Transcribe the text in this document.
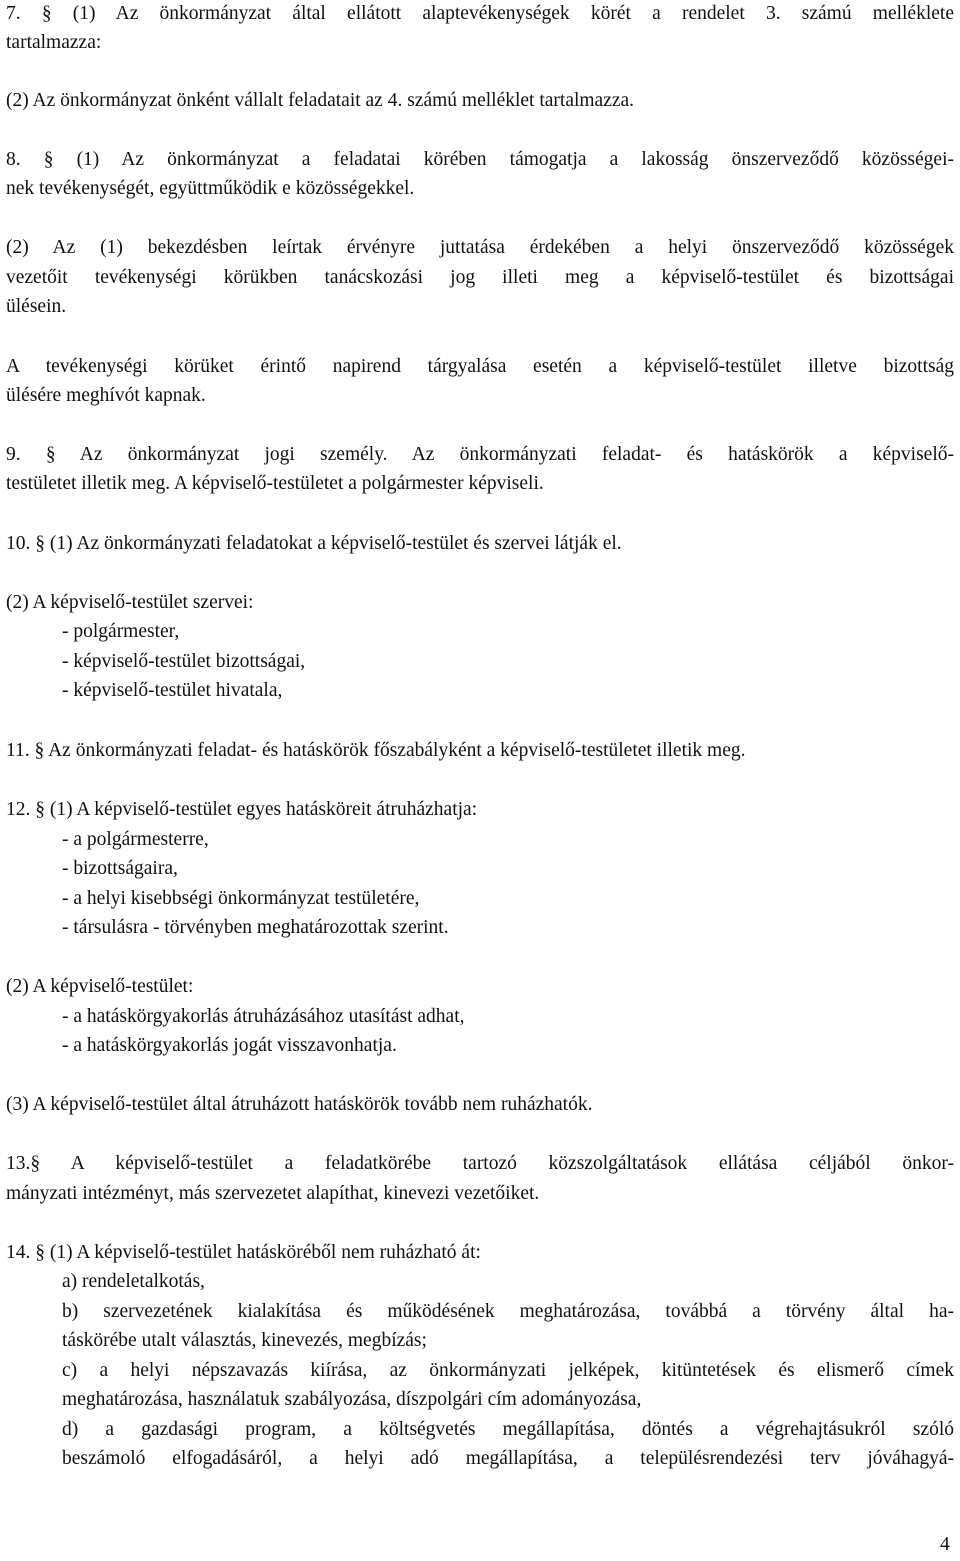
7. § (1) Az önkormányzat által ellátott alaptevékenységek körét a rendelet 3. számú melléklete
tartalmazza:
(2) Az önkormányzat önként vállalt feladatait az 4. számú melléklet tartalmazza.
8. § (1) Az önkormányzat a feladatai körében támogatja a lakosság önszerveződő közösségei-
nek tevékenységét, együttműködik e közösségekkel.
(2) Az (1) bekezdésben leírtak érvényre juttatása érdekében a helyi önszerveződő közösségek
vezetőit tevékenységi körükben tanácskozási jog illeti meg a képviselő-testület és bizottságai
ülésein.
A tevékenységi körüket érintő napirend tárgyalása esetén a képviselő-testület illetve bizottság
ülésére meghívót kapnak.
9. § Az önkormányzat jogi személy. Az önkormányzati feladat- és hatáskörök a képviselő-
testületet illetik meg. A képviselő-testületet a polgármester képviseli.
10. § (1) Az önkormányzati feladatokat a képviselő-testület és szervei látják el.
(2) A képviselő-testület szervei:
- polgármester,
- képviselő-testület bizottságai,
- képviselő-testület hivatala,
11. § Az önkormányzati feladat- és hatáskörök főszabályként a képviselő-testületet illetik meg.
12. § (1) A képviselő-testület egyes hatásköreit átruházhatja:
- a polgármesterre,
- bizottságaira,
- a helyi kisebbségi önkormányzat testületére,
- társulásra - törvényben meghatározottak szerint.
(2) A képviselő-testület:
- a hatáskörgyakorlás átruházásához utasítást adhat,
- a hatáskörgyakorlás jogát visszavonhatja.
(3) A képviselő-testület által átruházott hatáskörök tovább nem ruházhatók.
13.§ A képviselő-testület a feladatkörébe tartozó közszolgáltatások ellátása céljából önkor-
mányzati intézményt, más szervezetet alapíthat, kinevezi vezetőiket.
14. § (1) A képviselő-testület hatásköréből nem ruházható át:
a) rendeletalkotás,
b) szervezetének kialakítása és működésének meghatározása, továbbá a törvény által ha-
táskörébe utalt választás, kinevezés, megbízás;
c) a helyi népszavazás kiírása, az önkormányzati jelképek, kitüntetések és elismerő címek
meghatározása, használatuk szabályozása, díszpolgári cím adományozása,
d) a gazdasági program, a költségvetés megállapítása, döntés a végrehajtásukról szóló
beszámoló elfogadásáról, a helyi adó megállapítása, a településrendezési terv jóváhagyá-
4
